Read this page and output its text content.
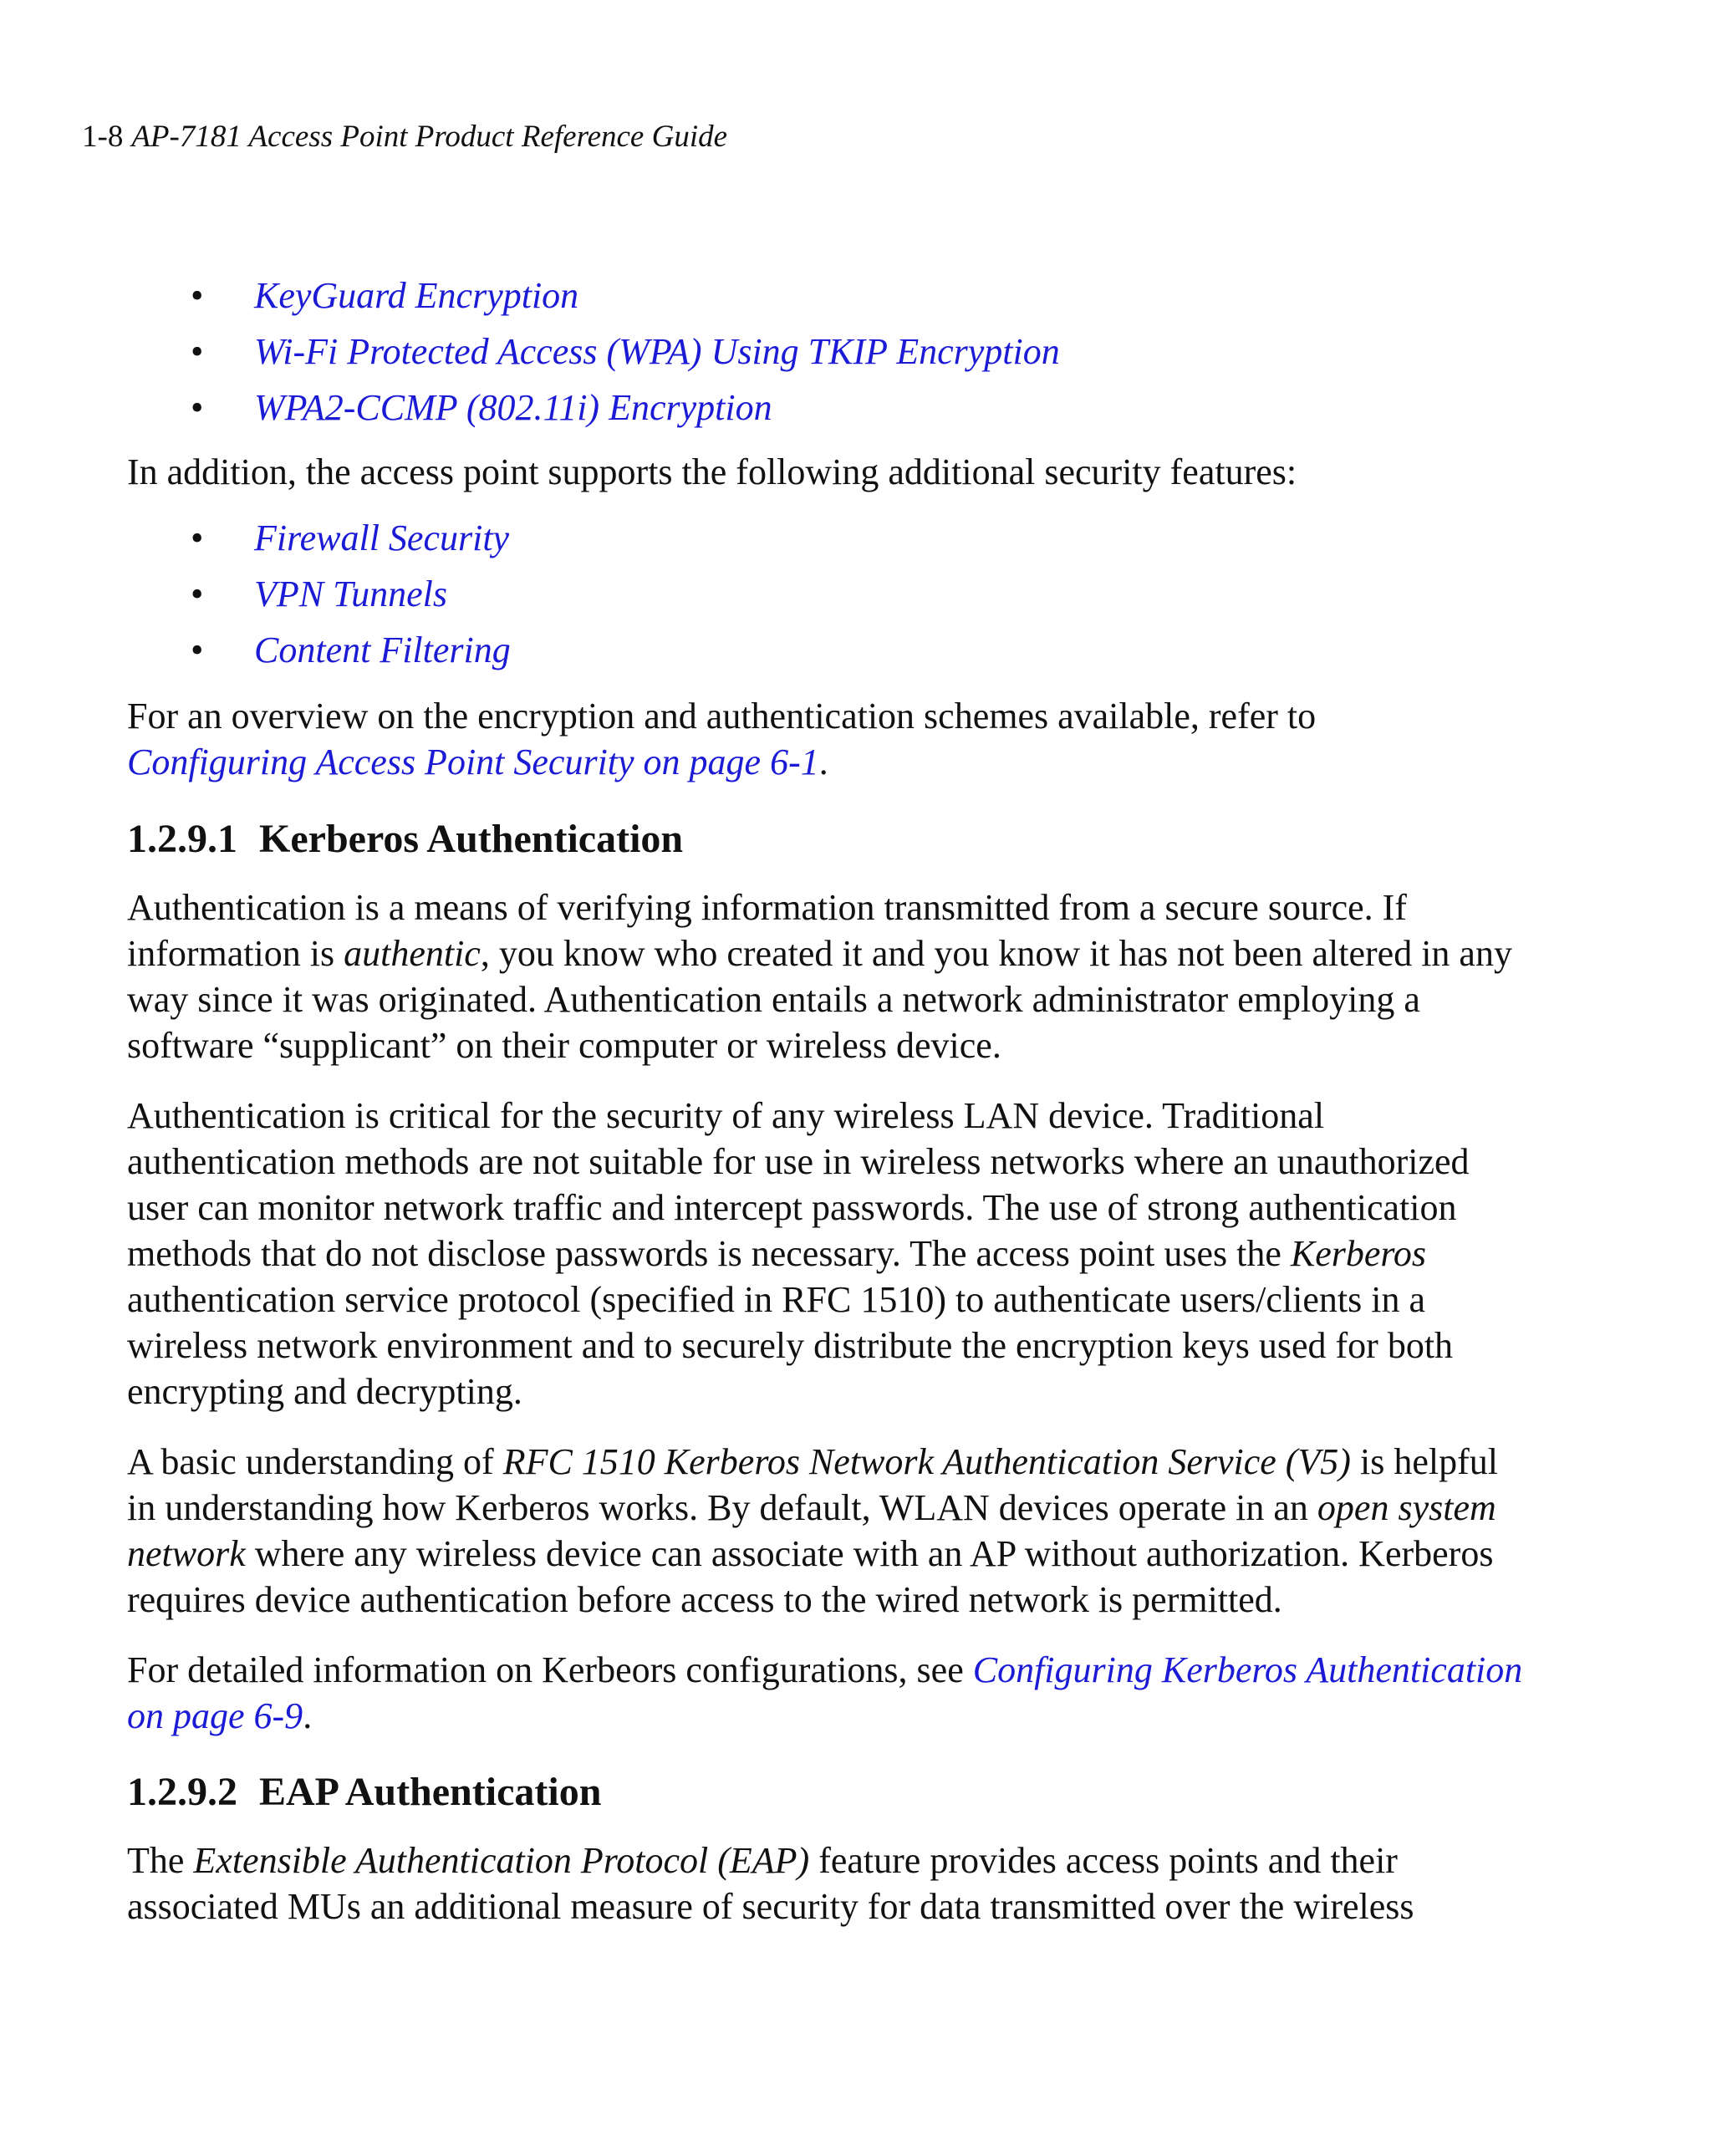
1-8 AP-7181 Access Point Product Reference Guide
• KeyGuard Encryption
• Wi-Fi Protected Access (WPA) Using TKIP Encryption
• WPA2-CCMP (802.11i) Encryption

In addition, the access point supports the following additional security features:

• Firewall Security
• VPN Tunnels
• Content Filtering

For an overview on the encryption and authentication schemes available, refer to
Configuring Access Point Security on page 6-1.

1.2.9.1 Kerberos Authentication

Authentication is a means of verifying information transmitted from a secure source. If information is authentic, you know who created it and you know it has not been altered in any way since it was originated. Authentication entails a network administrator employing a software “supplicant” on their computer or wireless device.

Authentication is critical for the security of any wireless LAN device. Traditional authentication methods are not suitable for use in wireless networks where an unauthorized user can monitor network traffic and intercept passwords. The use of strong authentication methods that do not disclose passwords is necessary. The access point uses the Kerberos authentication service protocol (specified in RFC 1510) to authenticate users/clients in a wireless network environment and to securely distribute the encryption keys used for both encrypting and decrypting.

A basic understanding of RFC 1510 Kerberos Network Authentication Service (V5) is helpful in understanding how Kerberos works. By default, WLAN devices operate in an open system network where any wireless device can associate with an AP without authorization. Kerberos requires device authentication before access to the wired network is permitted.

For detailed information on Kerbeors configurations, see Configuring Kerberos Authentication on page 6-9.

1.2.9.2 EAP Authentication

The Extensible Authentication Protocol (EAP) feature provides access points and their associated MUs an additional measure of security for data transmitted over the wireless
